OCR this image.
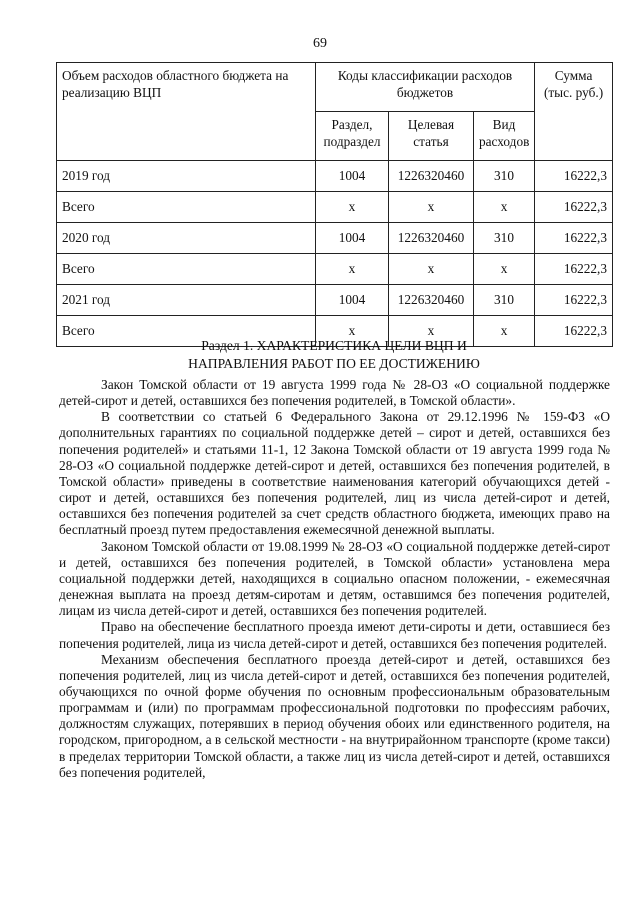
69
Объем расходов областного бюджета на реализацию ВЦП	Коды классификации расходов бюджетов			Сумма (тыс. руб.)
	Раздел, подраздел	Целевая статья	Вид расходов	
2019 год	1004	1226320460	310	16222,3
Всего	x	x	x	16222,3
2020 год	1004	1226320460	310	16222,3
Всего	x	x	x	16222,3
2021 год	1004	1226320460	310	16222,3
Всего	x	x	x	16222,3
Раздел 1. ХАРАКТЕРИСТИКА ЦЕЛИ ВЦП И
НАПРАВЛЕНИЯ РАБОТ ПО ЕЕ ДОСТИЖЕНИЮ

Закон Томской области от 19 августа 1999 года № 28-ОЗ «О социальной поддержке детей-сирот и детей, оставшихся без попечения родителей, в Томской области».

В соответствии со статьей 6 Федерального Закона от 29.12.1996 № 159-ФЗ «О дополнительных гарантиях по социальной поддержке детей – сирот и детей, оставшихся без попечения родителей» и статьями 11-1, 12 Закона Томской области от 19 августа 1999 года № 28-ОЗ «О социальной поддержке детей-сирот и детей, оставшихся без попечения родителей, в Томской области» приведены в соответствие наименования категорий обучающихся детей - сирот и детей, оставшихся без попечения родителей, лиц из числа детей-сирот и детей, оставшихся без попечения родителей за счет средств областного бюджета, имеющих право на бесплатный проезд путем предоставления ежемесячной денежной выплаты.

Законом Томской области от 19.08.1999 № 28-ОЗ «О социальной поддержке детей-сирот и детей, оставшихся без попечения родителей, в Томской области» установлена мера социальной поддержки детей, находящихся в социально опасном положении, - ежемесячная денежная выплата на проезд детям-сиротам и детям, оставшимся без попечения родителей, лицам из числа детей-сирот и детей, оставшихся без попечения родителей.

Право на обеспечение бесплатного проезда имеют дети-сироты и дети, оставшиеся без попечения родителей, лица из числа детей-сирот и детей, оставшихся без попечения родителей.

Механизм обеспечения бесплатного проезда детей-сирот и детей, оставшихся без попечения родителей, лиц из числа детей-сирот и детей, оставшихся без попечения родителей, обучающихся по очной форме обучения по основным профессиональным образовательным программам и (или) по программам профессиональной подготовки по профессиям рабочих, должностям служащих, потерявших в период обучения обоих или единственного родителя, на городском, пригородном, а в сельской местности - на внутрирайонном транспорте (кроме такси) в пределах территории Томской области, а также лиц из числа детей-сирот и детей, оставшихся без попечения родителей,
